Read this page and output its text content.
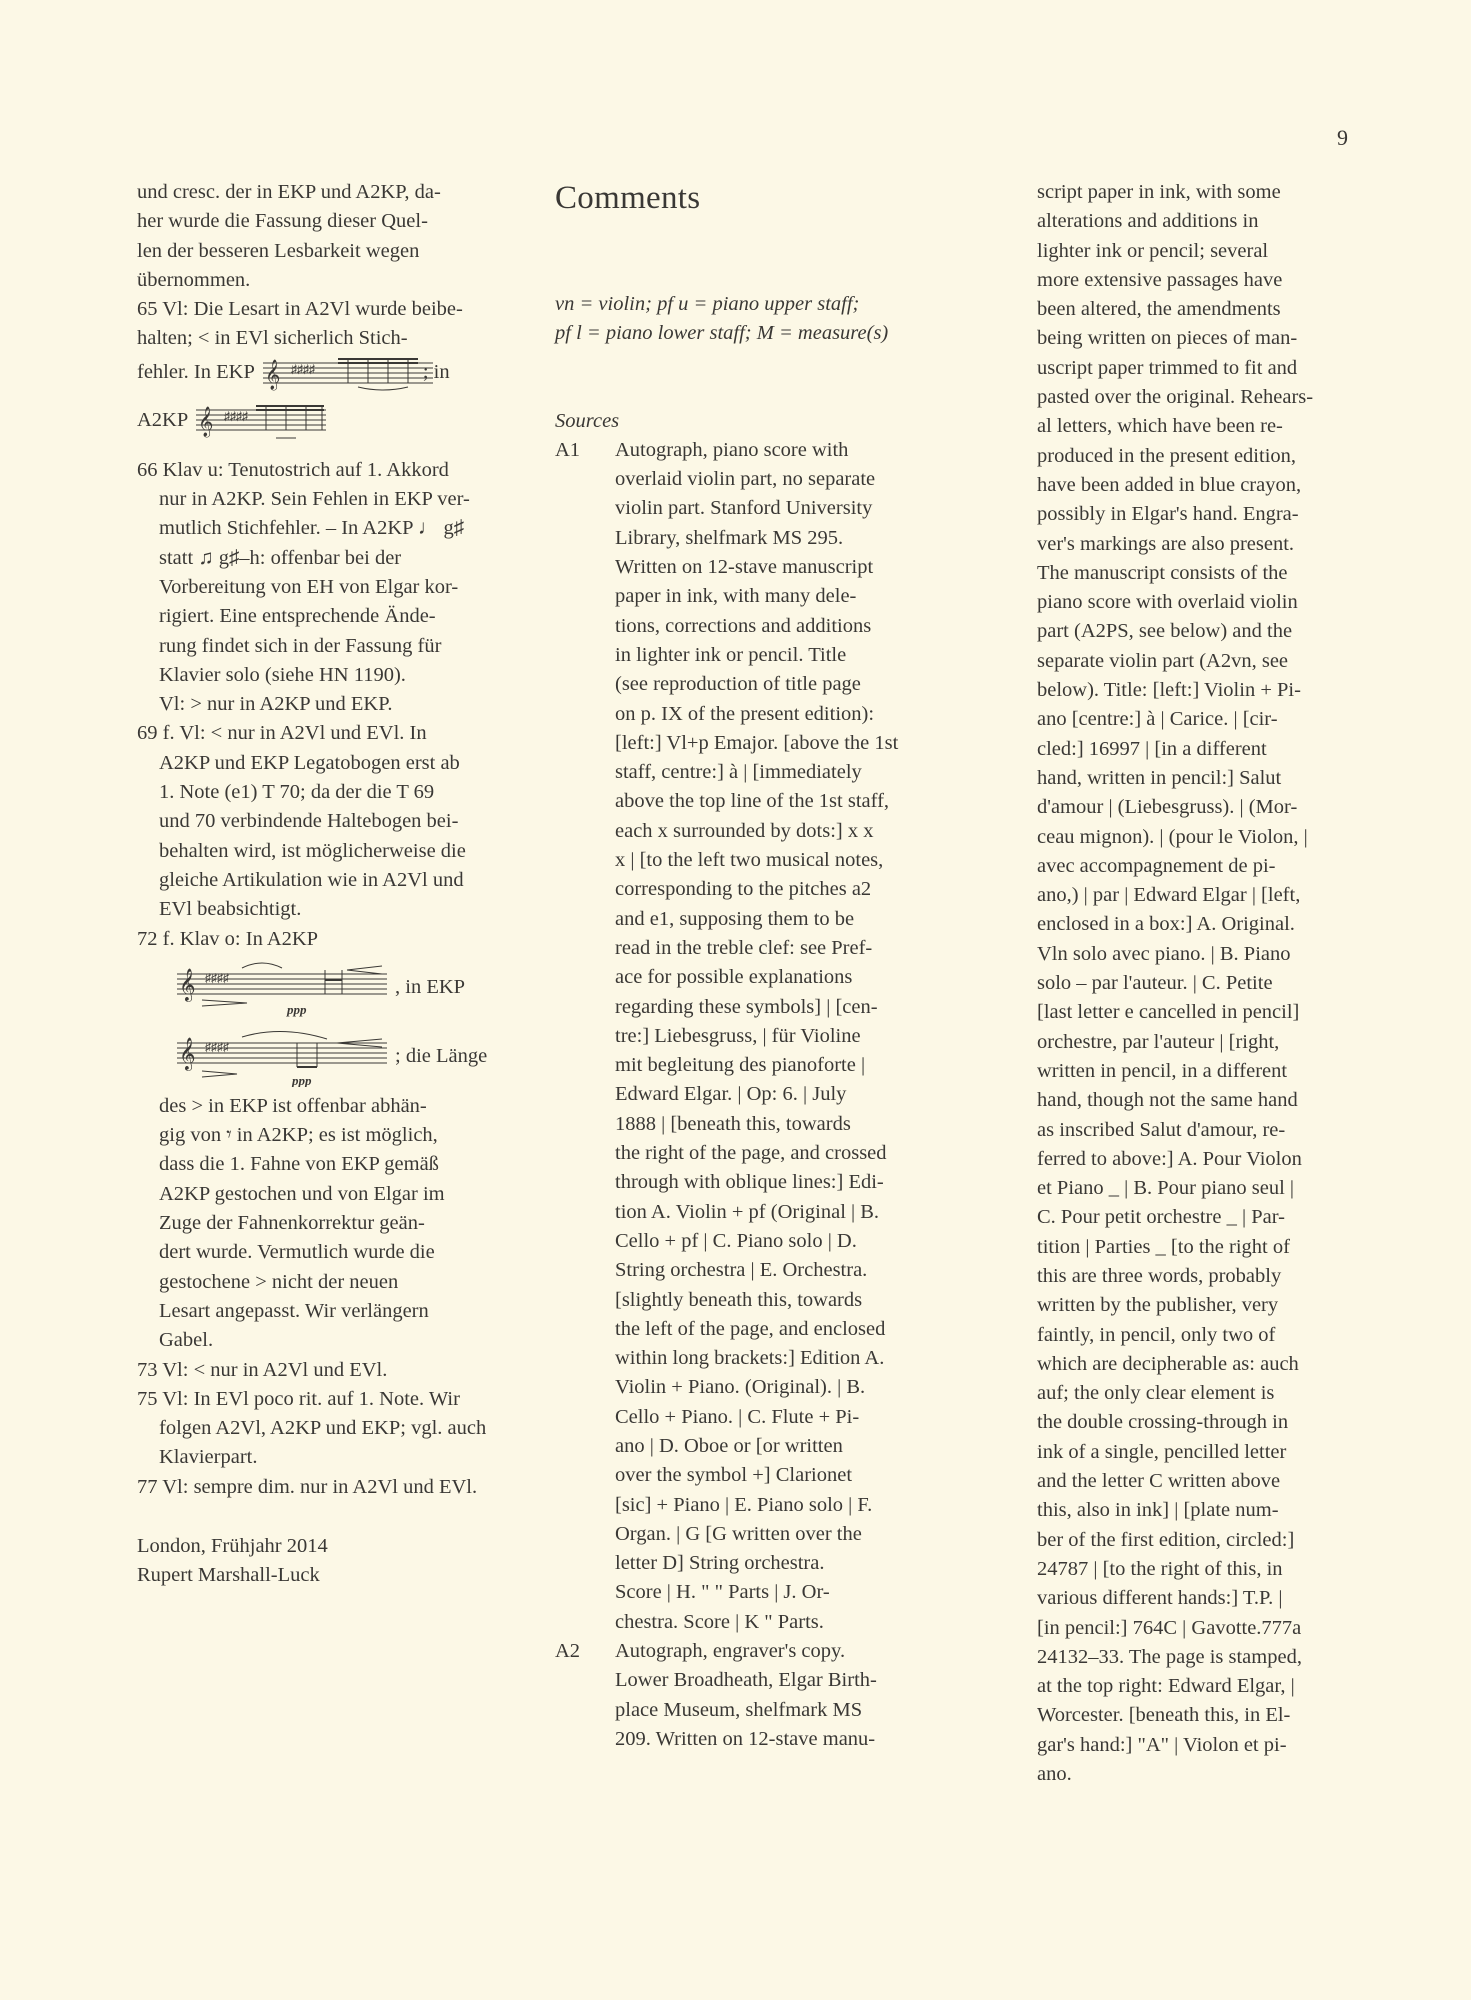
9

und cresc. der in EKP und A2KP, da-

her wurde die Fassung dieser Quel-

len der besseren Lesbarkeit wegen

übernommen.

65 Vl: Die Lesart in A2Vl wurde beibe-

halten; < in EVl sicherlich Stich-

fehler. In EKP 𝄞 ♯♯♯♯	; in
A2KP 𝄞 ♯♯♯♯

66 Klav u: Tenutostrich auf 1. Akkord

nur in A2KP. Sein Fehlen in EKP ver-

mutlich Stichfehler. – In A2KP ♩ g♯

statt ♫ g♯–h: offenbar bei der

Vorbereitung von EH von Elgar kor-

rigiert. Eine entsprechende Ände-

rung findet sich in der Fassung für

Klavier solo (siehe HN 1190).

Vl: > nur in A2KP und EKP.

69 f. Vl: < nur in A2Vl und EVl. In

A2KP und EKP Legatobogen erst ab

1. Note (e1) T 70; da der die T 69

und 70 verbindende Haltebogen bei-

behalten wird, ist möglicherweise die

gleiche Artikulation wie in A2Vl und

EVl beabsichtigt.

72 f. Klav o: In A2KP

𝄞 ♯♯♯♯
ppp
, in EKP
𝄞 ♯♯♯♯
ppp
; die Länge

des > in EKP ist offenbar abhän-

gig von 𝄾 in A2KP; es ist möglich,

dass die 1. Fahne von EKP gemäß

A2KP gestochen und von Elgar im

Zuge der Fahnenkorrektur geän-

dert wurde. Vermutlich wurde die

gestochene > nicht der neuen

Lesart angepasst. Wir verlängern

Gabel.

73 Vl: < nur in A2Vl und EVl.

75 Vl: In EVl poco rit. auf 1. Note. Wir

folgen A2Vl, A2KP und EKP; vgl. auch

Klavierpart.

77 Vl: sempre dim. nur in A2Vl und EVl.

London, Frühjahr 2014

Rupert Marshall-Luck

Comments

vn = violin; pf u = piano upper staff;

pf l = piano lower staff; M = measure(s)

Sources

A1	Autograph, piano score with

overlaid violin part, no separate

violin part. Stanford University

Library, shelfmark MS 295.

Written on 12-stave manuscript

paper in ink, with many dele-

tions, corrections and additions

in lighter ink or pencil. Title

(see reproduction of title page

on p. IX of the present edition):

[left:] Vl+p Emajor. [above the 1st

staff, centre:] à | [immediately

above the top line of the 1st staff,

each x surrounded by dots:] x x

x | [to the left two musical notes,

corresponding to the pitches a2

and e1, supposing them to be

read in the treble clef: see Pref-

ace for possible explanations

regarding these symbols] | [cen-

tre:] Liebesgruss, | für Violine

mit begleitung des pianoforte |

Edward Elgar. | Op: 6. | July

1888 | [beneath this, towards

the right of the page, and crossed

through with oblique lines:] Edi-

tion A. Violin + pf (Original | B.

Cello + pf | C. Piano solo | D.

String orchestra | E. Orchestra.

[slightly beneath this, towards

the left of the page, and enclosed

within long brackets:] Edition A.

Violin + Piano. (Original). | B.

Cello + Piano. | C. Flute + Pi-

ano | D. Oboe or [or written

over the symbol +] Clarionet

[sic] + Piano | E. Piano solo | F.

Organ. | G [G written over the

letter D] String orchestra.

Score | H. " " Parts | J. Or-

chestra. Score | K " Parts.

A2	Autograph, engraver's copy.

Lower Broadheath, Elgar Birth-

place Museum, shelfmark MS

209. Written on 12-stave manu-

script paper in ink, with some

alterations and additions in

lighter ink or pencil; several

more extensive passages have

been altered, the amendments

being written on pieces of man-

uscript paper trimmed to fit and

pasted over the original. Rehears-

al letters, which have been re-

produced in the present edition,

have been added in blue crayon,

possibly in Elgar's hand. Engra-

ver's markings are also present.

The manuscript consists of the

piano score with overlaid violin

part (A2PS, see below) and the

separate violin part (A2vn, see

below). Title: [left:] Violin + Pi-

ano [centre:] à | Carice. | [cir-

cled:] 16997 | [in a different

hand, written in pencil:] Salut

d'amour | (Liebesgruss). | (Mor-

ceau mignon). | (pour le Violon, |

avec accompagnement de pi-

ano,) | par | Edward Elgar | [left,

enclosed in a box:] A. Original.

Vln solo avec piano. | B. Piano

solo – par l'auteur. | C. Petite

[last letter e cancelled in pencil]

orchestre, par l'auteur | [right,

written in pencil, in a different

hand, though not the same hand

as inscribed Salut d'amour, re-

ferred to above:] A. Pour Violon

et Piano _ | B. Pour piano seul |

C. Pour petit orchestre _ | Par-

tition | Parties _ [to the right of

this are three words, probably

written by the publisher, very

faintly, in pencil, only two of

which are decipherable as: auch

auf; the only clear element is

the double crossing-through in

ink of a single, pencilled letter

and the letter C written above

this, also in ink] | [plate num-

ber of the first edition, circled:]

24787 | [to the right of this, in

various different hands:] T.P. |

[in pencil:] 764C | Gavotte.777a

24132–33. The page is stamped,

at the top right: Edward Elgar, |

Worcester. [beneath this, in El-

gar's hand:] "A" | Violon et pi-

ano.
